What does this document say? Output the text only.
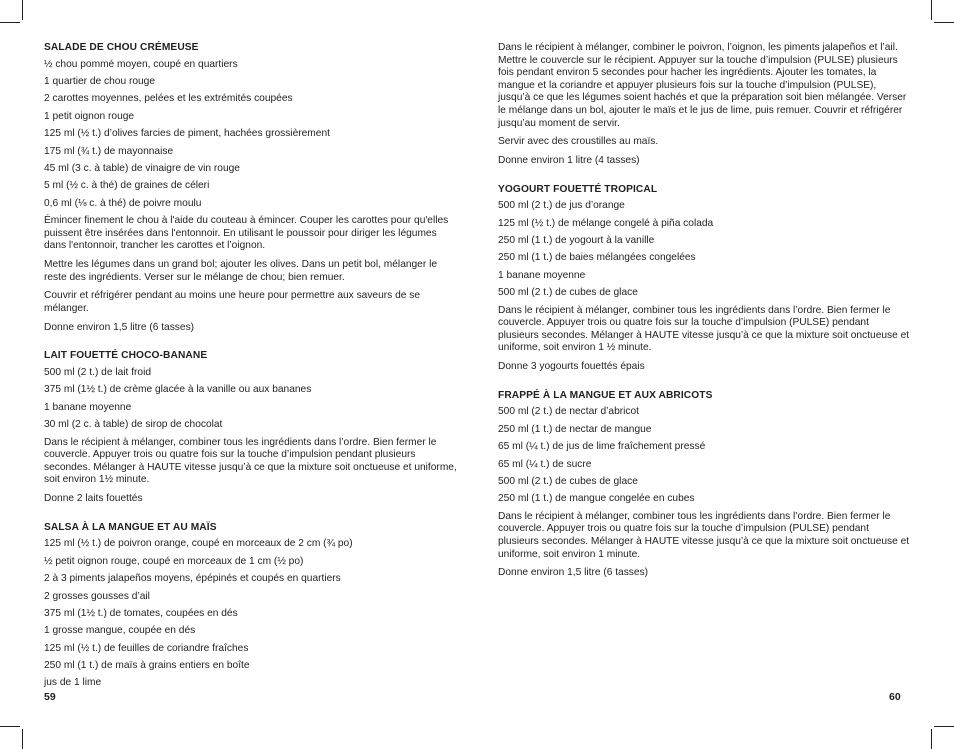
SALADE DE CHOU CRÉMEUSE
½ chou pommé moyen, coupé en quartiers
1 quartier de chou rouge
2 carottes moyennes, pelées et les extrémités coupées
1 petit oignon rouge
125 ml (½ t.) d’olives farcies de piment, hachées grossièrement
175 ml (¾ t.) de mayonnaise
45 ml (3 c. à table) de vinaigre de vin rouge
5 ml (½ c. à thé) de graines de céleri
0,6 ml (⅛ c. à thé) de poivre moulu
Émincer finement le chou à l'aide du couteau à émincer. Couper les carottes pour qu'elles puissent être insérées dans l'entonnoir. En utilisant le poussoir pour diriger les légumes dans l'entonnoir, trancher les carottes et l’oignon.
Mettre les légumes dans un grand bol; ajouter les olives. Dans un petit bol, mélanger le reste des ingrédients. Verser sur le mélange de chou; bien remuer.
Couvrir et réfrigérer pendant au moins une heure pour permettre aux saveurs de se mélanger.
Donne environ 1,5 litre (6 tasses)
LAIT FOUETTÉ CHOCO-BANANE
500 ml (2 t.) de lait froid
375 ml (1½ t.) de crème glacée à la vanille ou aux bananes
1 banane moyenne
30 ml (2 c. à table) de sirop de chocolat
Dans le récipient à mélanger, combiner tous les ingrédients dans l’ordre. Bien fermer le couvercle. Appuyer trois ou quatre fois sur la touche d’impulsion pendant plusieurs secondes. Mélanger à HAUTE vitesse jusqu’à ce que la mixture soit onctueuse et uniforme, soit environ 1½ minute.
Donne 2 laits fouettés
SALSA À LA MANGUE ET AU MAÏS
125 ml (½ t.) de poivron orange, coupé en morceaux de 2 cm (¾ po)
½ petit oignon rouge, coupé en morceaux de 1 cm (½ po)
2 à 3 piments jalapeños moyens, épépinés et coupés en quartiers
2 grosses gousses d’ail
375 ml (1½ t.) de tomates, coupées en dés
1 grosse mangue, coupée en dés
125 ml (½ t.) de feuilles de coriandre fraîches
250 ml (1 t.) de maïs à grains entiers en boîte
jus de 1 lime
59
Dans le récipient à mélanger, combiner le poivron, l’oignon, les piments jalapeños et l’ail. Mettre le couvercle sur le récipient. Appuyer sur la touche d’impulsion (PULSE) plusieurs fois pendant environ 5 secondes pour hacher les ingrédients. Ajouter les tomates, la mangue et la coriandre et appuyer plusieurs fois sur la touche d’impulsion (PULSE), jusqu’à ce que les légumes soient hachés et que la préparation soit bien mélangée. Verser le mélange dans un bol, ajouter le maïs et le jus de lime, puis remuer. Couvrir et réfrigérer jusqu’au moment de servir.
Servir avec des croustilles au maïs.
Donne environ 1 litre (4 tasses)
YOGOURT FOUETTÉ TROPICAL
500 ml (2 t.) de jus d’orange
125 ml (½ t.) de mélange congelé à piña colada
250 ml (1 t.) de yogourt à la vanille
250 ml (1 t.) de baies mélangées congelées
1 banane moyenne
500 ml (2 t.) de cubes de glace
Dans le récipient à mélanger, combiner tous les ingrédients dans l’ordre. Bien fermer le couvercle. Appuyer trois ou quatre fois sur la touche d’impulsion (PULSE) pendant plusieurs secondes. Mélanger à HAUTE vitesse jusqu’à ce que la mixture soit onctueuse et uniforme, soit environ 1 ½ minute.
Donne 3 yogourts fouettés épais
FRAPPÉ À LA MANGUE ET AUX ABRICOTS
500 ml (2 t.) de nectar d’abricot
250 ml (1 t.) de nectar de mangue
65 ml (¼ t.) de jus de lime fraîchement pressé
65 ml (¼ t.) de sucre
500 ml (2 t.) de cubes de glace
250 ml (1 t.) de mangue congelée en cubes
Dans le récipient à mélanger, combiner tous les ingrédients dans l’ordre. Bien fermer le couvercle. Appuyer trois ou quatre fois sur la touche d’impulsion (PULSE) pendant plusieurs secondes. Mélanger à HAUTE vitesse jusqu’à ce que la mixture soit onctueuse et uniforme, soit environ 1 minute.
Donne environ 1,5 litre (6 tasses)
60
